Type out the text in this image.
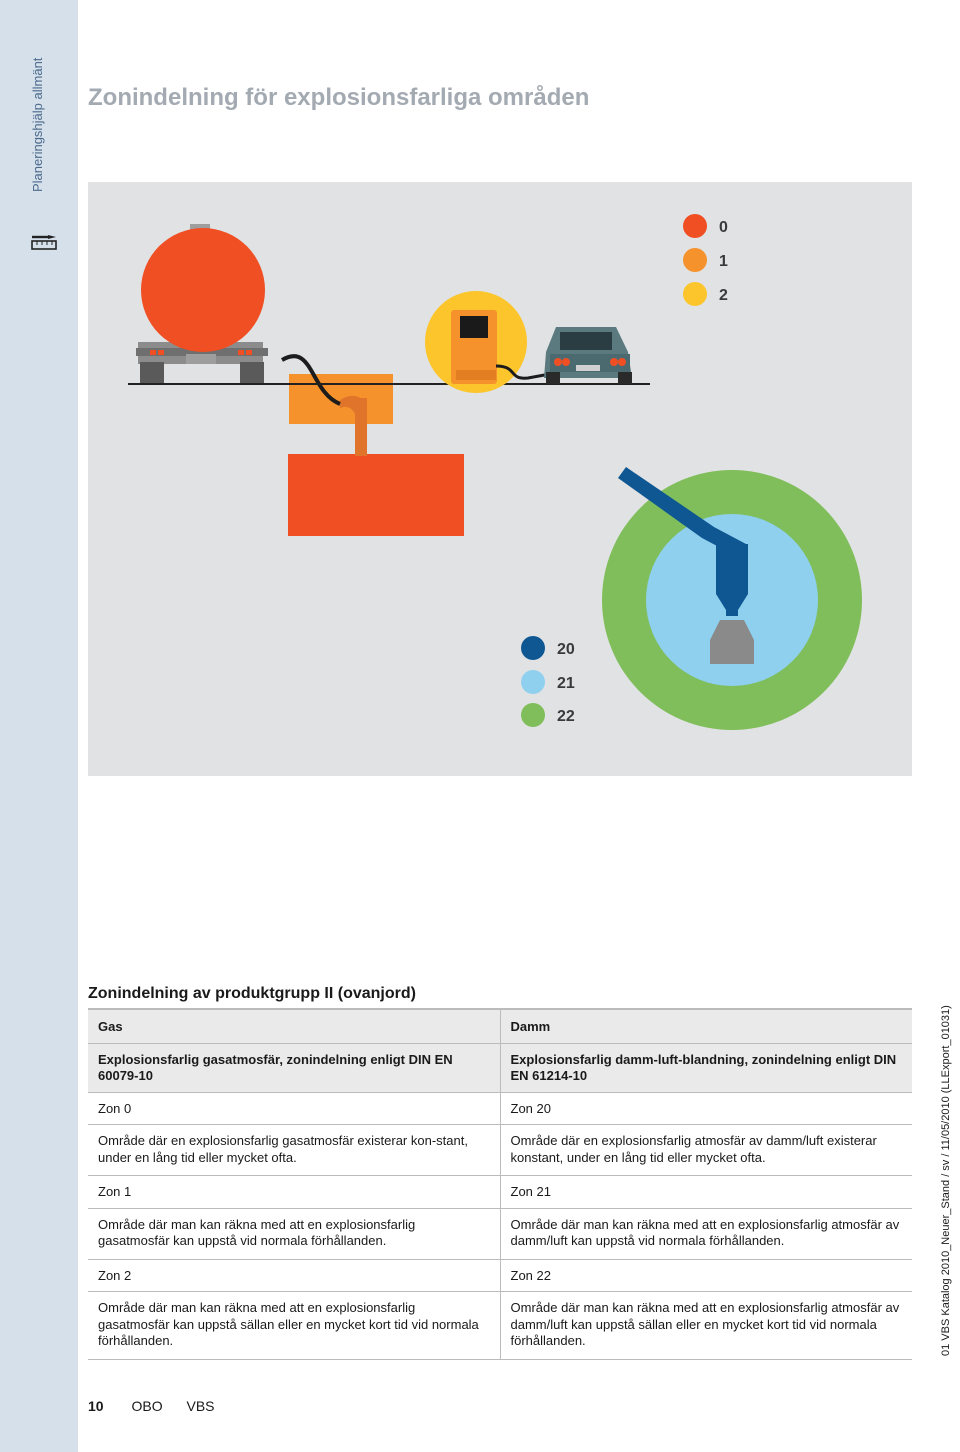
Planeringshjälp allmänt Zonindelning för explosionsfarliga områden
0
1
2
20
21
22
Zonindelning av produktgrupp II (ovanjord)
Gas	Damm
Explosionsfarlig gasatmosfär, zonindelning enligt DIN EN 60079-10	Explosionsfarlig damm-luft-blandning, zonindelning enligt DIN EN 61214-10
Zon 0	Zon 20
Område där en explosionsfarlig gasatmosfär existerar kon-stant, under en lång tid eller mycket ofta.	Område där en explosionsfarlig atmosfär av damm/luft existerar konstant, under en lång tid eller mycket ofta.
Zon 1	Zon 21
Område där man kan räkna med att en explosionsfarlig gasatmosfär kan uppstå vid normala förhållanden.	Område där man kan räkna med att en explosionsfarlig atmosfär av damm/luft kan uppstå vid normala förhållanden.
Zon 2	Zon 22
Område där man kan räkna med att en explosionsfarlig gasatmosfär kan uppstå sällan eller en mycket kort tid vid normala förhållanden.	Område där man kan räkna med att en explosionsfarlig atmosfär av damm/luft kan uppstå sällan eller en mycket kort tid vid normala förhållanden.
10 OBO VBS
01 VBS Katalog 2010_Neuer_Stand / sv / 11/05/2010 (LLExport_01031)
